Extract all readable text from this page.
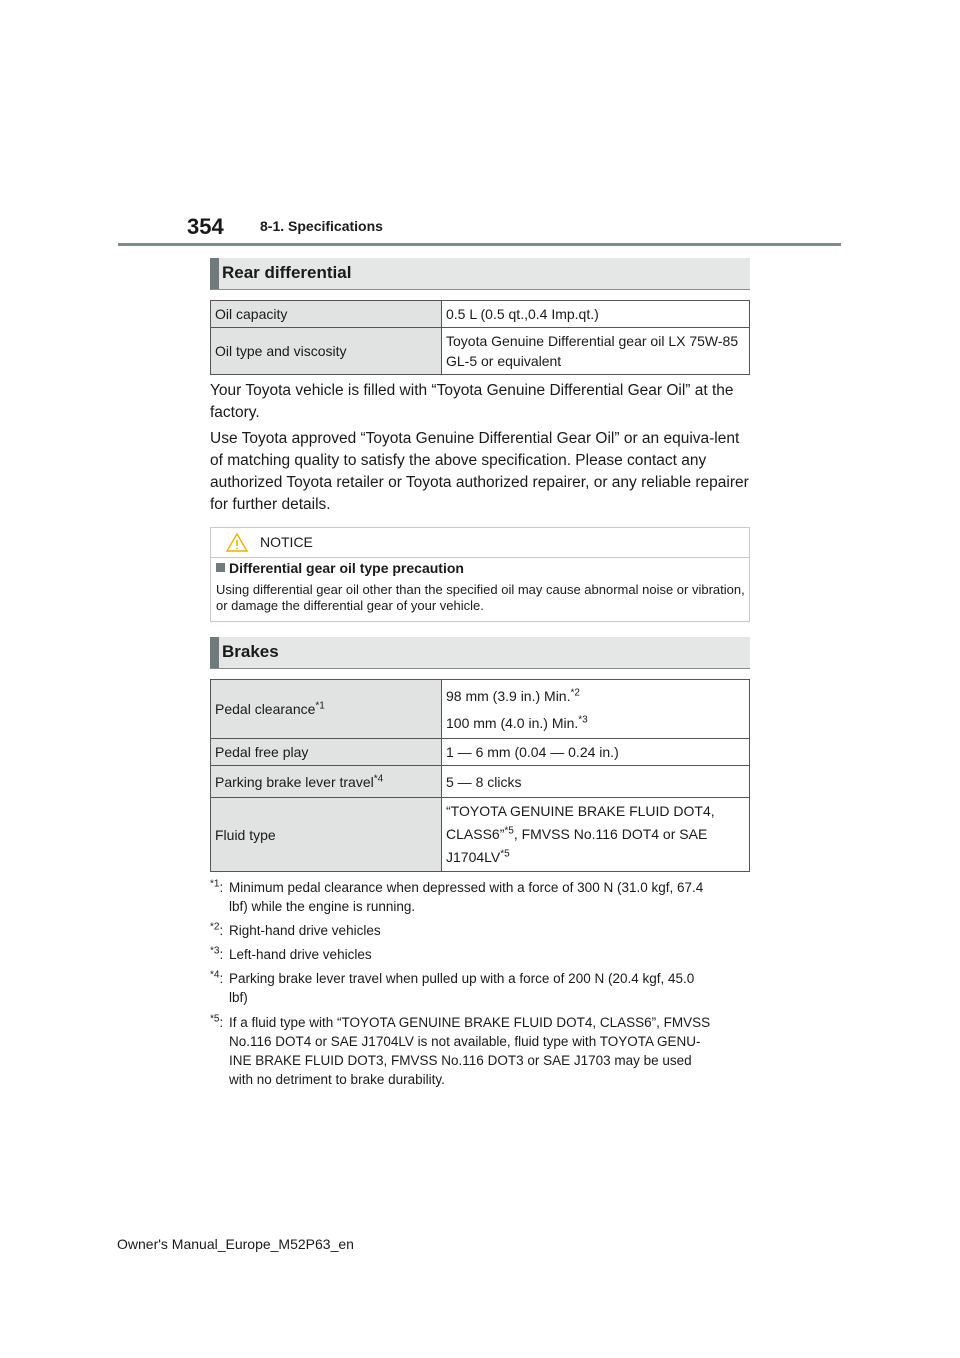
354	8-1. Specifications
Rear differential
Oil capacity	0.5 L (0.5 qt.,0.4 Imp.qt.)
Oil type and viscosity	Toyota Genuine Differential gear oil LX 75W-85
GL-5 or equivalent

Your Toyota vehicle is filled with “Toyota Genuine Differential Gear Oil” at the factory.

Use Toyota approved “Toyota Genuine Differential Gear Oil” or an equiva-lent of matching quality to satisfy the above specification. Please contact any authorized Toyota retailer or Toyota authorized repairer, or any reliable repairer for further details.

NOTICE
Differential gear oil type precaution
Using differential gear oil other than the specified oil may cause abnormal noise or vibration, or damage the differential gear of your vehicle.
Brakes
Pedal clearance$^{*1}$	98 mm (3.9 in.) Min.$^{*2}$
100 mm (4.0 in.) Min.$^{*3}$

Pedal free play	1 — 6 mm (0.04 — 0.24 in.)
Parking brake lever travel$^{*4}$	5 — 8 clicks
Fluid type	“TOYOTA GENUINE BRAKE FLUID DOT4,
CLASS6”$^{*5}$, FMVSS No.116 DOT4 or SAE
J1704LV$^{*5}$
$^{*1}$: Minimum pedal clearance when depressed with a force of 300 N (31.0 kgf, 67.4
lbf) while the engine is running.
$^{*2}$: Right-hand drive vehicles
$^{*3}$: Left-hand drive vehicles
$^{*4}$: Parking brake lever travel when pulled up with a force of 200 N (20.4 kgf, 45.0
lbf)
$^{*5}$: If a fluid type with “TOYOTA GENUINE BRAKE FLUID DOT4, CLASS6”, FMVSS
No.116 DOT4 or SAE J1704LV is not available, fluid type with TOYOTA GENU-
INE BRAKE FLUID DOT3, FMVSS No.116 DOT3 or SAE J1703 may be used
with no detriment to brake durability.
Owner's Manual_Europe_M52P63_en
